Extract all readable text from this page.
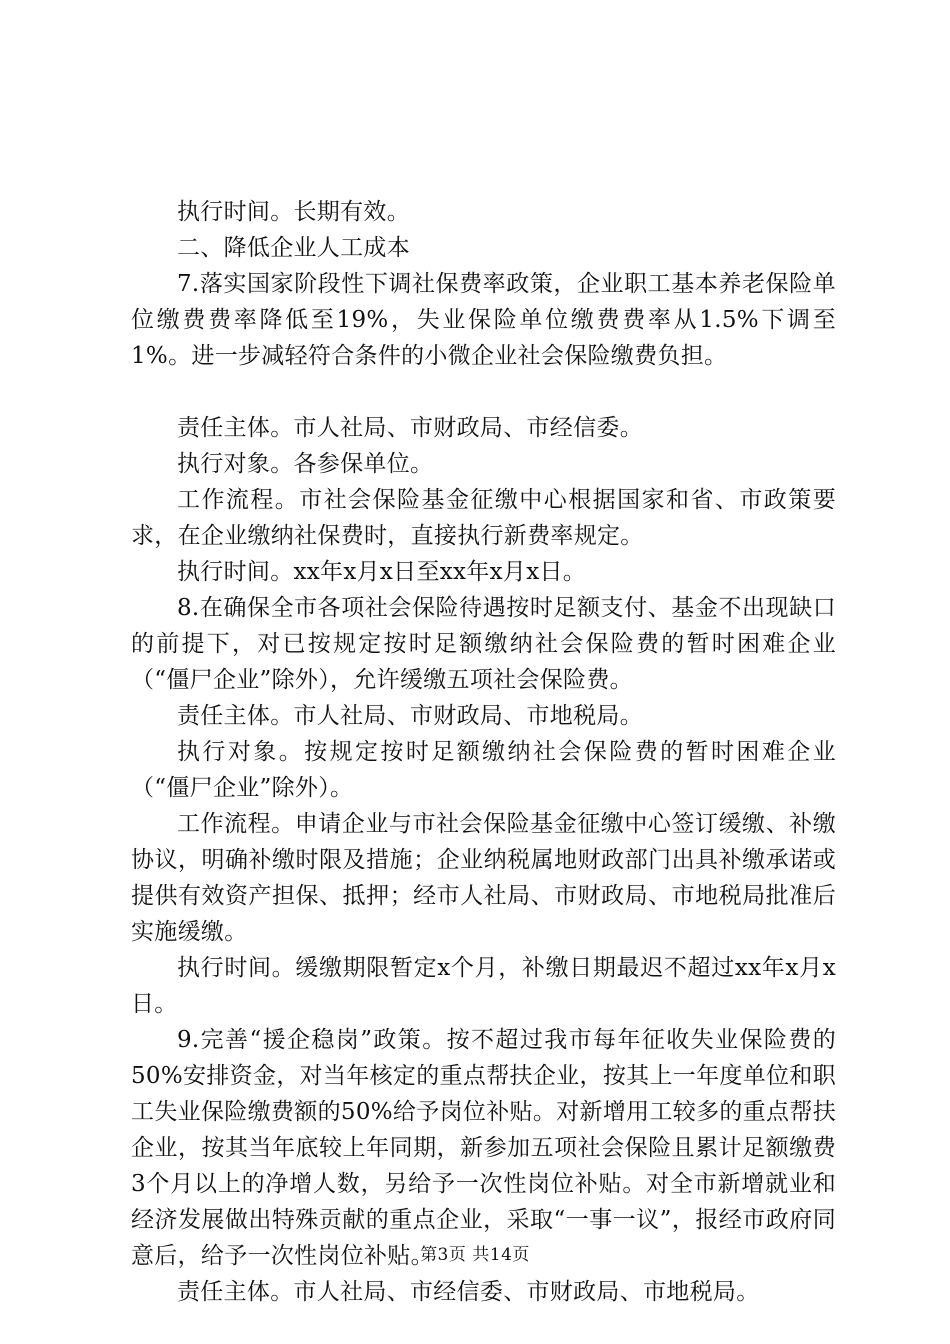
执行时间。长期有效。

二、降低企业人工成本

7.落实国家阶段性下调社保费率政策，企业职工基本养老保险单位缴费费率降低至19%，失业保险单位缴费费率从1.5%下调至1%。进一步减轻符合条件的小微企业社会保险缴费负担。

责任主体。市人社局、市财政局、市经信委。

执行对象。各参保单位。

工作流程。市社会保险基金征缴中心根据国家和省、市政策要求，在企业缴纳社保费时，直接执行新费率规定。

执行时间。xx年x月x日至xx年x月x日。

8.在确保全市各项社会保险待遇按时足额支付、基金不出现缺口的前提下，对已按规定按时足额缴纳社会保险费的暂时困难企业（“僵尸企业”除外），允许缓缴五项社会保险费。

责任主体。市人社局、市财政局、市地税局。

执行对象。按规定按时足额缴纳社会保险费的暂时困难企业（“僵尸企业”除外）。

工作流程。申请企业与市社会保险基金征缴中心签订缓缴、补缴协议，明确补缴时限及措施；企业纳税属地财政部门出具补缴承诺或提供有效资产担保、抵押；经市人社局、市财政局、市地税局批准后实施缓缴。

执行时间。缓缴期限暂定x个月，补缴日期最迟不超过xx年x月x日。

9.完善“援企稳岗”政策。按不超过我市每年征收失业保险费的50%安排资金，对当年核定的重点帮扶企业，按其上一年度单位和职工失业保险缴费额的50%给予岗位补贴。对新增用工较多的重点帮扶企业，按其当年底较上年同期，新参加五项社会保险且累计足额缴费3个月以上的净增人数，另给予一次性岗位补贴。对全市新增就业和经济发展做出特殊贡献的重点企业，采取“一事一议”，报经市政府同意后，给予一次性岗位补贴。

责任主体。市人社局、市经信委、市财政局、市地税局。

第3页 共14页
